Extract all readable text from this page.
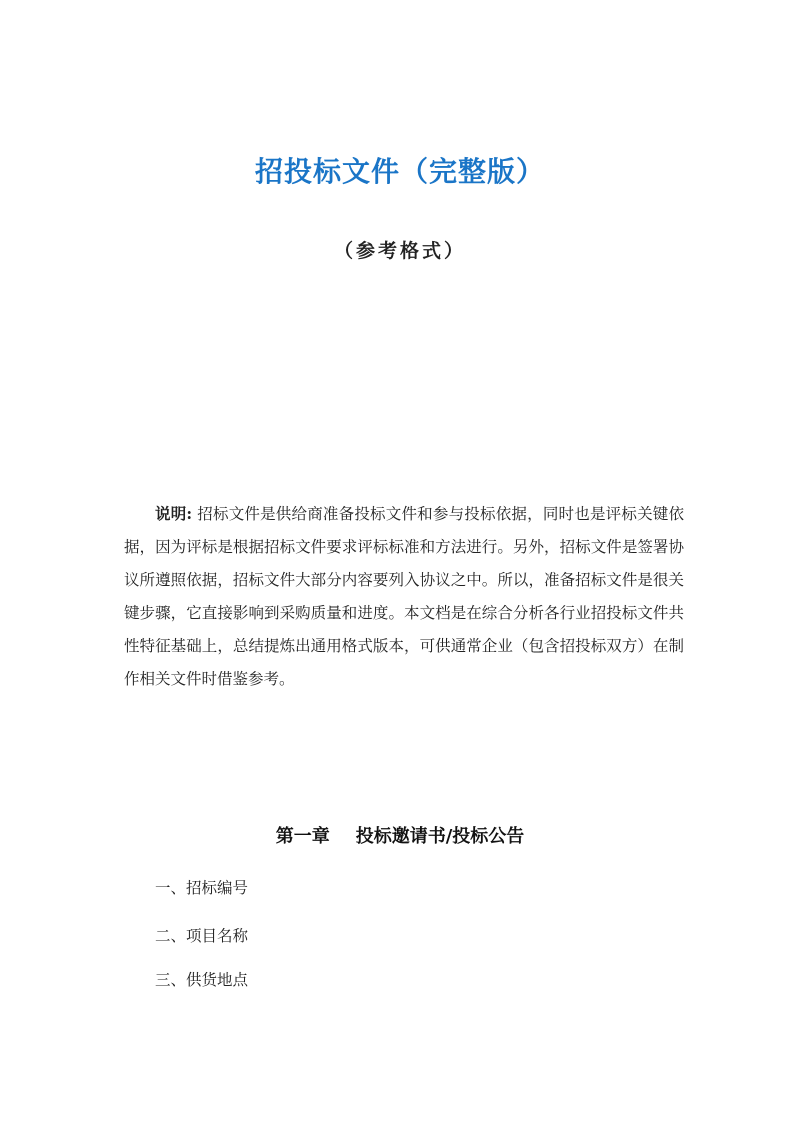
招投标文件（完整版）

（参考格式）

说明: 招标文件是供给商准备投标文件和参与投标依据，同时也是评标关键依据，因为评标是根据招标文件要求评标标准和方法进行。另外，招标文件是签署协议所遵照依据，招标文件大部分内容要列入协议之中。所以，准备招标文件是很关键步骤，它直接影响到采购质量和进度。本文档是在综合分析各行业招投标文件共性特征基础上，总结提炼出通用格式版本，可供通常企业（包含招投标双方）在制作相关文件时借鉴参考。

第一章 投标邀请书/投标公告

一、招标编号

二、项目名称

三、供货地点
